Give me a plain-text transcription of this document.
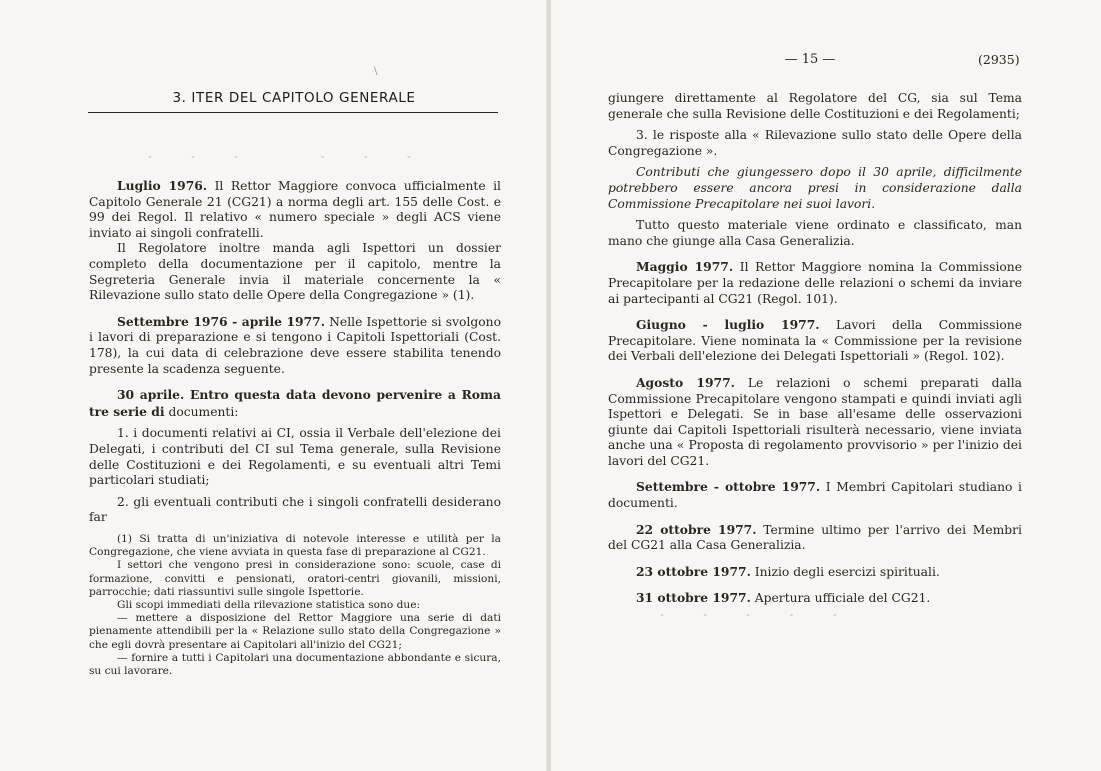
3. ITER DEL CAPITOLO GENERALE
- - -   - - -
\

Luglio 1976. Il Rettor Maggiore convoca ufficialmente il Capitolo Generale 21 (CG21) a norma degli art. 155 delle Cost. e 99 dei Regol. Il relativo « numero speciale » degli ACS viene inviato ai singoli confratelli.

Il Regolatore inoltre manda agli Ispettori un dossier completo della documentazione per il capitolo, mentre la Segreteria Generale invia il materiale concernente la « Rilevazione sullo stato delle Opere della Congregazione » (1).

Settembre 1976 - aprile 1977. Nelle Ispettorie si svolgono i lavori di preparazione e si tengono i Capitoli Ispettoriali (Cost. 178), la cui data di celebrazione deve essere stabilita tenendo presente la scadenza seguente.

30 aprile. Entro questa data devono pervenire a Roma tre serie di documenti:

1. i documenti relativi ai CI, ossia il Verbale dell'elezione dei Delegati, i contributi del CI sul Tema generale, sulla Revisione delle Costituzioni e dei Regolamenti, e su eventuali altri Temi particolari studiati;

2. gli eventuali contributi che i singoli confratelli desiderano far

(1) Si tratta di un'iniziativa di notevole interesse e utilità per la Congregazione, che viene avviata in questa fase di preparazione al CG21.

I settori che vengono presi in considerazione sono: scuole, case di formazione, convitti e pensionati, oratori-centri giovanili, missioni, parrocchie; dati riassuntivi sulle singole Ispettorie.

Gli scopi immediati della rilevazione statistica sono due:

— mettere a disposizione del Rettor Maggiore una serie di dati pienamente attendibili per la « Relazione sullo stato della Congregazione » che egli dovrà presentare ai Capitolari all'inizio del CG21;

— fornire a tutti i Capitolari una documentazione abbondante e sicura, su cui lavorare.

— 15 —	(2935)

giungere direttamente al Regolatore del CG, sia sul Tema generale che sulla Revisione delle Costituzioni e dei Regolamenti;

3. le risposte alla « Rilevazione sullo stato delle Opere della Congregazione ».

Contributi che giungessero dopo il 30 aprile, difficilmente potrebbero essere ancora presi in considerazione dalla Commissione Precapitolare nei suoi lavori.

Tutto questo materiale viene ordinato e classificato, man mano che giunge alla Casa Generalizia.

Maggio 1977. Il Rettor Maggiore nomina la Commissione Precapitolare per la redazione delle relazioni o schemi da inviare ai partecipanti al CG21 (Regol. 101).

Giugno - luglio 1977. Lavori della Commissione Precapitolare. Viene nominata la « Commissione per la revisione dei Verbali dell'elezione dei Delegati Ispettoriali » (Regol. 102).

Agosto 1977. Le relazioni o schemi preparati dalla Commissione Precapitolare vengono stampati e quindi inviati agli Ispettori e Delegati. Se in base all'esame delle osservazioni giunte dai Capitoli Ispettoriali risulterà necessario, viene inviata anche una « Proposta di regolamento provvisorio » per l'inizio dei lavori del CG21.

Settembre - ottobre 1977. I Membri Capitolari studiano i documenti.

22 ottobre 1977. Termine ultimo per l'arrivo dei Membri del CG21 alla Casa Generalizia.

23 ottobre 1977. Inizio degli esercizi spirituali.

31 ottobre 1977. Apertura ufficiale del CG21.

- - - - -
